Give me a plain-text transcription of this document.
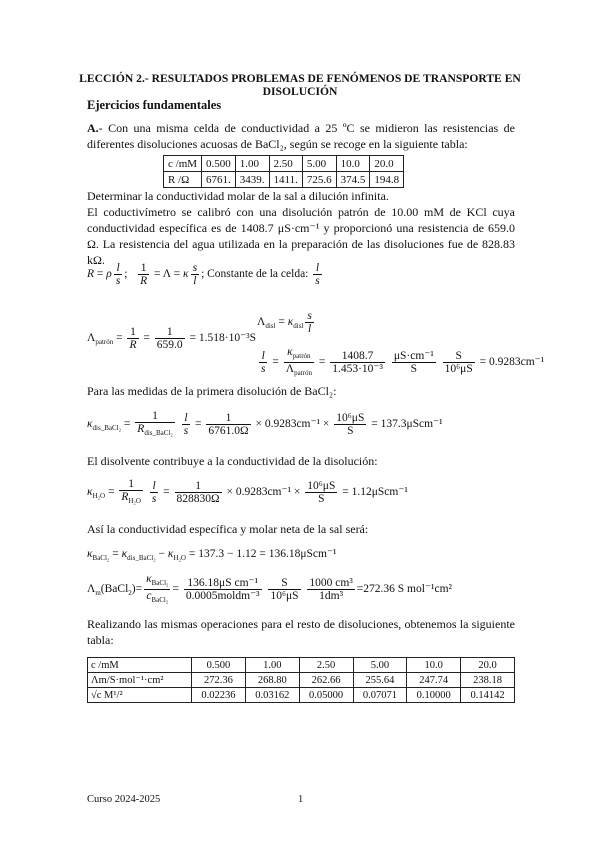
LECCIÓN 2.- RESULTADOS PROBLEMAS DE FENÓMENOS DE TRANSPORTE EN DISOLUCIÓN
Ejercicios fundamentales
A.- Con una misma celda de conductividad a 25 ºC se midieron las resistencias de diferentes disoluciones acuosas de BaCl₂, según se recoge en la siguiente tabla:
c /mM	0.500	1.00	2.50	5.00	10.0	20.0
R /Ω	6761.	3439.	1411.	725.6	374.5	194.8
Determinar la conductividad molar de la sal a dilución infinita.
El coductivímetro se calibró con una disolución patrón de 10.00 mM de KCl cuya conductividad específica es de 1408.7 μS·cm⁻¹ y proporcionó una resistencia de 659.0 Ω. La resistencia del agua utilizada en la preparación de las disoluciones fue de 828.83 kΩ.
R = ρ $\frac{l}{s}$ ; $\frac{1}{R} = \Lambda = \kappa \frac{s}{l}$ ; Constante de la celda: $\frac{l}{s}$
$\Lambda_{patrón} = \frac{1}{R} = \frac{1}{659.0} = 1.518\cdot 10^{-3}S$
$\Lambda_{disl} = \kappa_{disl} \frac{s}{l}$
$\frac{l}{s} = \frac{\kappa_{patrón}}{\Lambda_{patrón}} = \frac{1408.7}{\text{1.453·10⁻³}}$
$\frac{\text{μS·cm⁻¹}}{S}$
$\frac{S}{\text{10⁶μS}} = 0.9283cm^{-1}$
Para las medidas de la primera disolución de BaCl₂:
$\kappa_{dis\_BaCl_2} = \frac{1}{R_{dis\_BaCl_2}}$
$\frac{l}{s} = \frac{1}{6761.0\Omega} \times 0.9283cm^{-1} \times \frac{\text{10⁶μS}}{S} = 137.3\mu Scm^{-1}$
El disolvente contribuye a la conductividad de la disolución:
$\kappa_{H_2O} = \frac{1}{R_{H_2O}}$
$\frac{l}{s} = \frac{1}{828830\Omega} \times 0.9283cm^{-1} \times \frac{\text{10⁶μS}}{S} = 1.12\mu Scm^{-1}$
Así la conductividad específica y molar neta de la sal será:
$\kappa_{BaCl_2} = \kappa_{dis\_BaCl_2} - \kappa_{H_2O} = 137.3 - 1.12 = 136.18\mu Scm^{-1}$
$\Lambda_m(BaCl_2)= \frac{\kappa_{BaCl_2}}{c_{BaCl_2}} = \frac{\text{136.18μS cm⁻¹}}{\text{0.0005moldm⁻³}}$
$\frac{S}{\text{10⁶μS}}$
$\frac{\text{1000 cm³}}{\text{1dm³}} =272.36$ S mol⁻¹cm²
Realizando las mismas operaciones para el resto de disoluciones, obtenemos la siguiente tabla:
c /mM	0.500	1.00	2.50	5.00	10.0	20.0
Λm/S·mol⁻¹·cm²	272.36	268.80	262.66	255.64	247.74	238.18
√c M¹/²	0.02236	0.03162	0.05000	0.07071	0.10000	0.14142
Curso 2024-2025	1
